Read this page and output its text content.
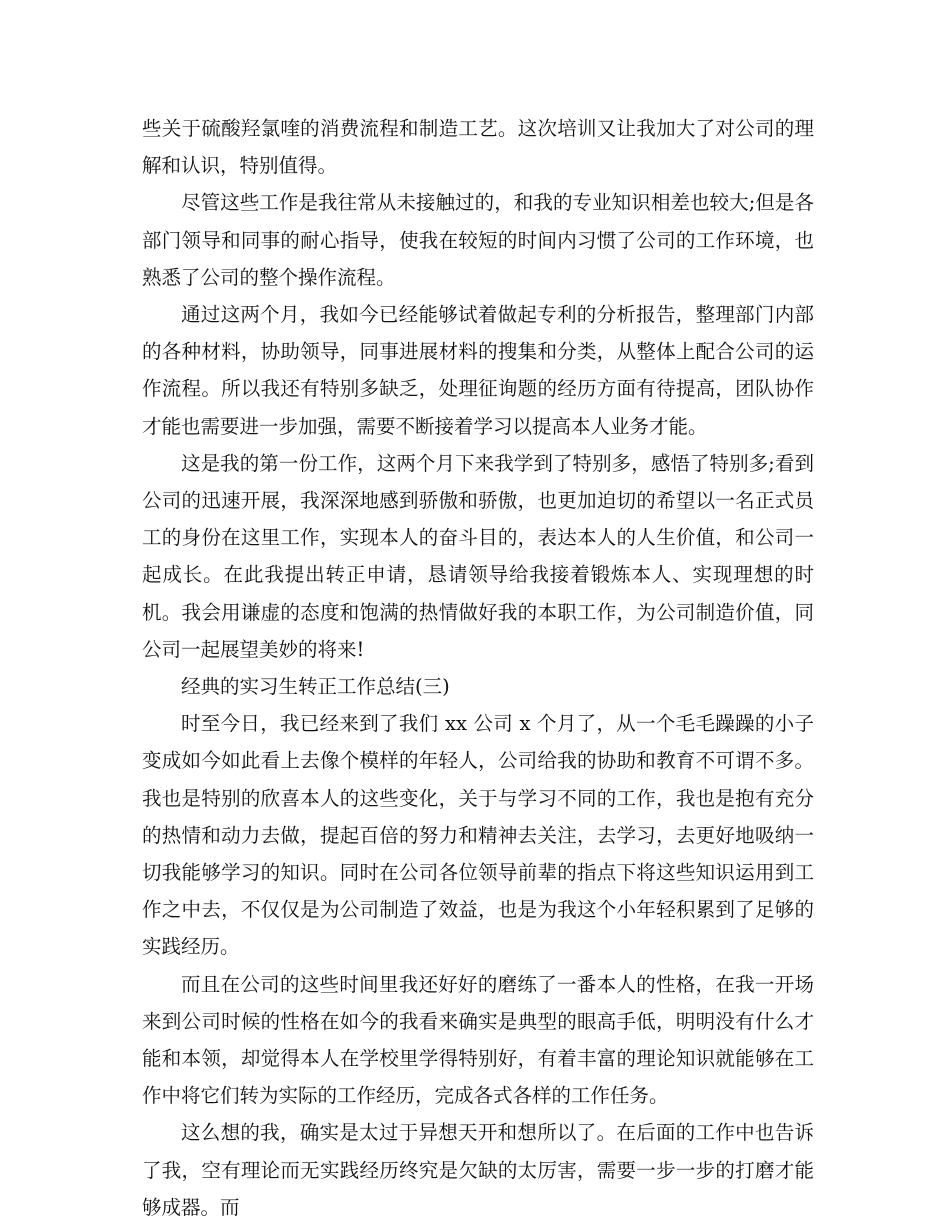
些关于硫酸羟氯喹的消费流程和制造工艺。这次培训又让我加大了对公司的理解和认识，特别值得。

尽管这些工作是我往常从未接触过的，和我的专业知识相差也较大;但是各部门领导和同事的耐心指导，使我在较短的时间内习惯了公司的工作环境，也熟悉了公司的整个操作流程。

通过这两个月，我如今已经能够试着做起专利的分析报告，整理部门内部的各种材料，协助领导，同事进展材料的搜集和分类，从整体上配合公司的运作流程。所以我还有特别多缺乏，处理征询题的经历方面有待提高，团队协作才能也需要进一步加强，需要不断接着学习以提高本人业务才能。

这是我的第一份工作，这两个月下来我学到了特别多，感悟了特别多;看到公司的迅速开展，我深深地感到骄傲和骄傲，也更加迫切的希望以一名正式员工的身份在这里工作，实现本人的奋斗目的，表达本人的人生价值，和公司一起成长。在此我提出转正申请，恳请领导给我接着锻炼本人、实现理想的时机。我会用谦虚的态度和饱满的热情做好我的本职工作，为公司制造价值，同公司一起展望美妙的将来!

经典的实习生转正工作总结(三)

时至今日，我已经来到了我们 xx 公司 x 个月了，从一个毛毛躁躁的小子变成如今如此看上去像个模样的年轻人，公司给我的协助和教育不可谓不多。我也是特别的欣喜本人的这些变化，关于与学习不同的工作，我也是抱有充分的热情和动力去做，提起百倍的努力和精神去关注，去学习，去更好地吸纳一切我能够学习的知识。同时在公司各位领导前辈的指点下将这些知识运用到工作之中去，不仅仅是为公司制造了效益，也是为我这个小年轻积累到了足够的实践经历。

而且在公司的这些时间里我还好好的磨练了一番本人的性格，在我一开场来到公司时候的性格在如今的我看来确实是典型的眼高手低，明明没有什么才能和本领，却觉得本人在学校里学得特别好，有着丰富的理论知识就能够在工作中将它们转为实际的工作经历，完成各式各样的工作任务。

这么想的我，确实是太过于异想天开和想所以了。在后面的工作中也告诉了我，空有理论而无实践经历终究是欠缺的太厉害，需要一步一步的打磨才能够成器。而
